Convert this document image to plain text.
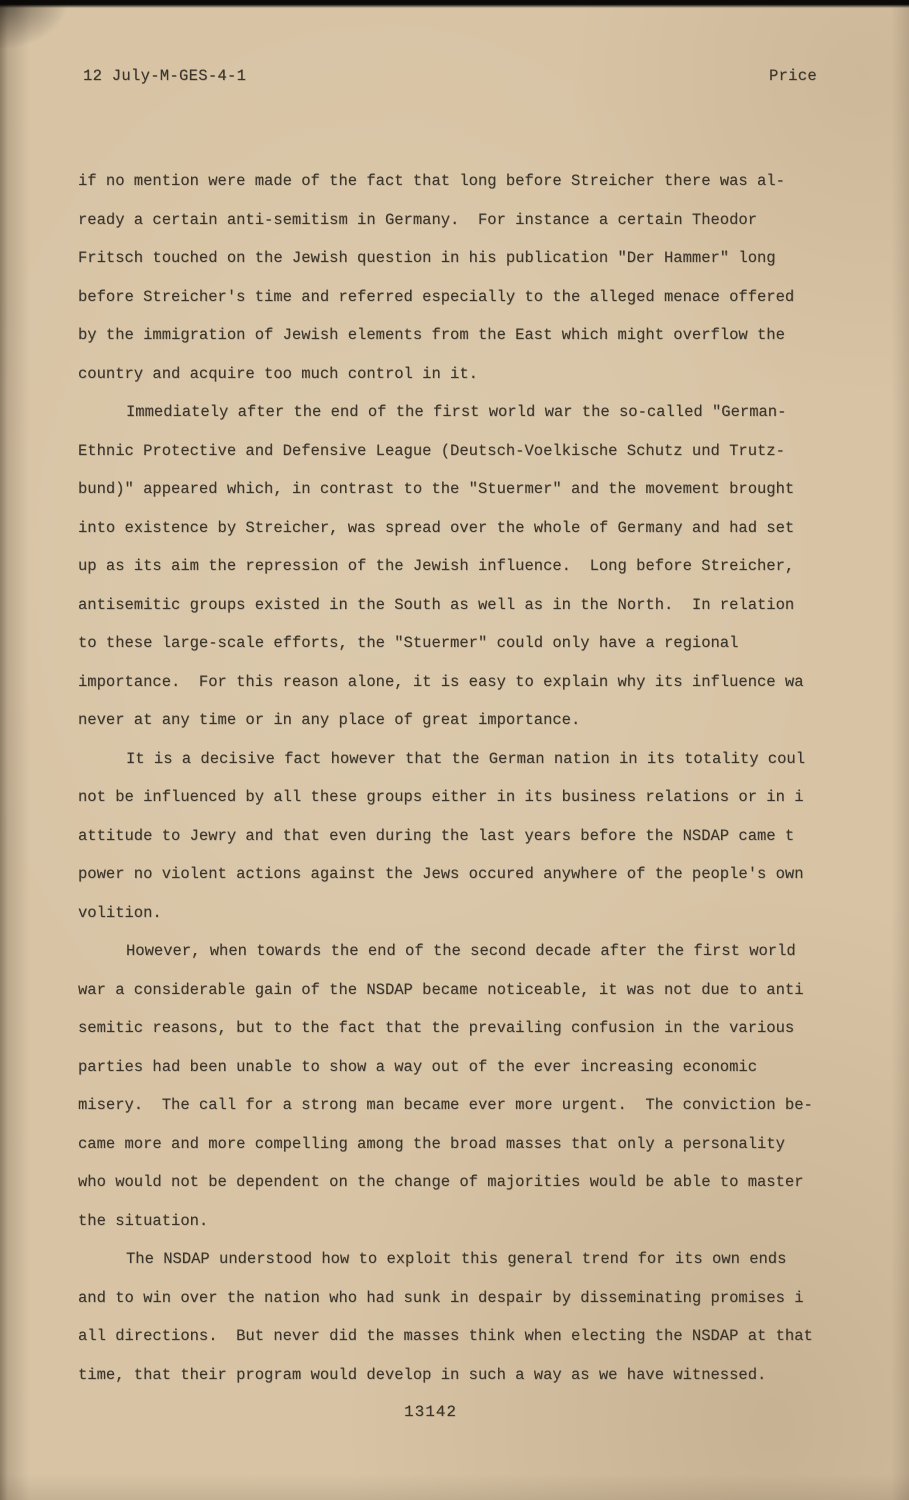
12 July-M-GES-4-1	Price
if no mention were made of the fact that long before Streicher there was al-
ready a certain anti-semitism in Germany.  For instance a certain Theodor
Fritsch touched on the Jewish question in his publication "Der Hammer" long
before Streicher's time and referred especially to the alleged menace offered
by the immigration of Jewish elements from the East which might overflow the
country and acquire too much control in it.
Immediately after the end of the first world war the so-called "German-
Ethnic Protective and Defensive League (Deutsch-Voelkische Schutz und Trutz-
bund)" appeared which, in contrast to the "Stuermer" and the movement brought
into existence by Streicher, was spread over the whole of Germany and had set
up as its aim the repression of the Jewish influence.  Long before Streicher,
antisemitic groups existed in the South as well as in the North.  In relation
to these large-scale efforts, the "Stuermer" could only have a regional
importance.  For this reason alone, it is easy to explain why its influence wa
never at any time or in any place of great importance.
It is a decisive fact however that the German nation in its totality coul
not be influenced by all these groups either in its business relations or in i
attitude to Jewry and that even during the last years before the NSDAP came t
power no violent actions against the Jews occured anywhere of the people's own
volition.
However, when towards the end of the second decade after the first world
war a considerable gain of the NSDAP became noticeable, it was not due to anti
semitic reasons, but to the fact that the prevailing confusion in the various
parties had been unable to show a way out of the ever increasing economic
misery.  The call for a strong man became ever more urgent.  The conviction be-
came more and more compelling among the broad masses that only a personality
who would not be dependent on the change of majorities would be able to master
the situation.
The NSDAP understood how to exploit this general trend for its own ends
and to win over the nation who had sunk in despair by disseminating promises i
all directions.  But never did the masses think when electing the NSDAP at that
time, that their program would develop in such a way as we have witnessed.
13142
